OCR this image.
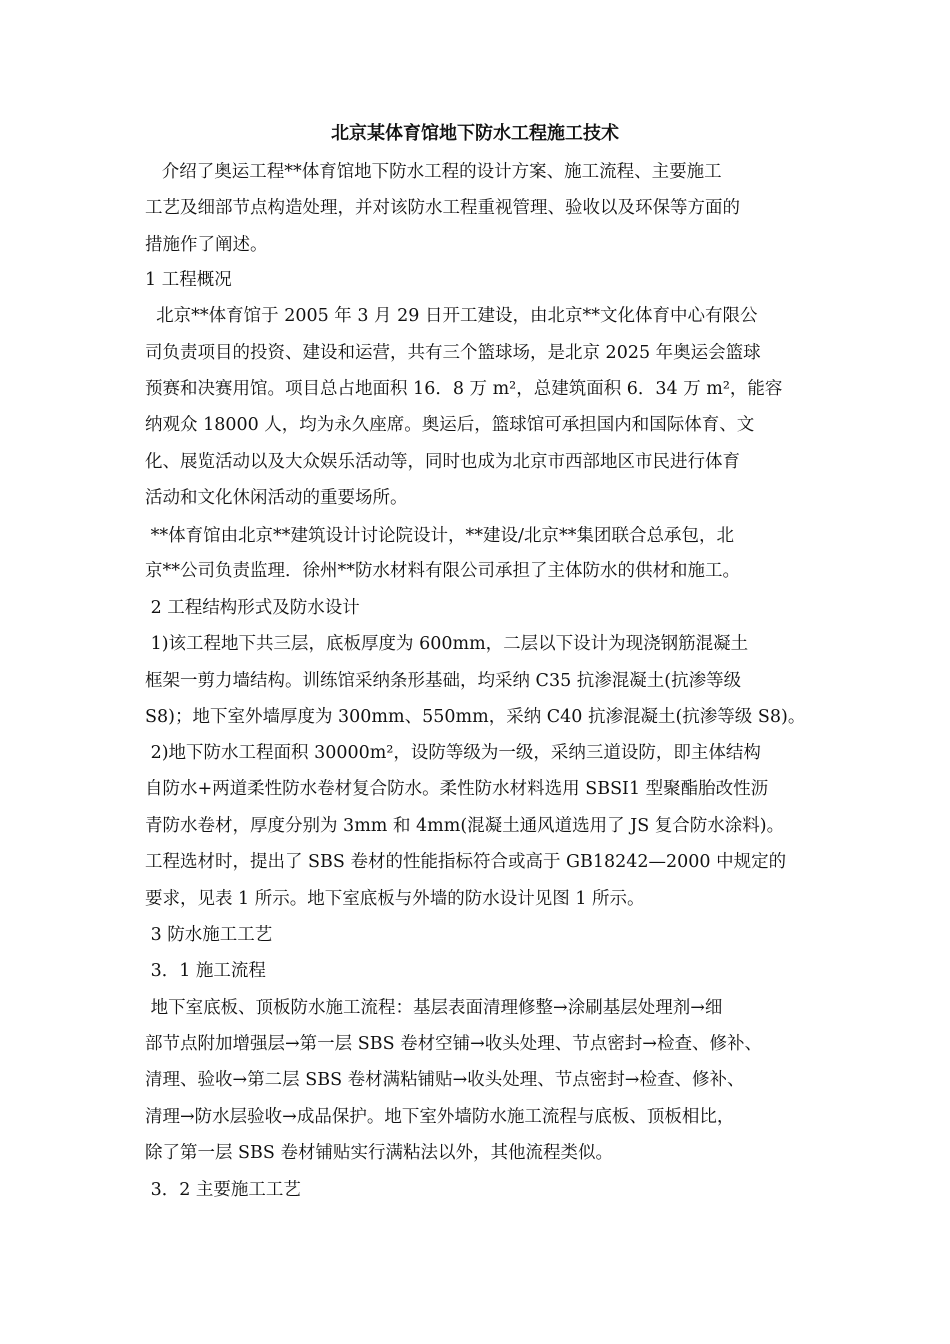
北京某体育馆地下防水工程施工技术
介绍了奥运工程**体育馆地下防水工程的设计方案、施工流程、主要施工
工艺及细部节点构造处理，并对该防水工程重视管理、验收以及环保等方面的
措施作了阐述。
1 工程概况
北京**体育馆于 2005 年 3 月 29 日开工建设，由北京**文化体育中心有限公
司负责项目的投资、建设和运营，共有三个篮球场，是北京 2025 年奥运会篮球
预赛和决赛用馆。项目总占地面积 16．8 万 m²，总建筑面积 6．34 万 m²，能容
纳观众 18000 人，均为永久座席。奥运后，篮球馆可承担国内和国际体育、文
化、展览活动以及大众娱乐活动等，同时也成为北京市西部地区市民进行体育
活动和文化休闲活动的重要场所。
**体育馆由北京**建筑设计讨论院设计，**建设/北京**集团联合总承包，北
京**公司负责监理．徐州**防水材料有限公司承担了主体防水的供材和施工。
2 工程结构形式及防水设计
1)该工程地下共三层，底板厚度为 600mm，二层以下设计为现浇钢筋混凝土
框架一剪力墙结构。训练馆采纳条形基础，均采纳 C35 抗渗混凝土(抗渗等级
S8)；地下室外墙厚度为 300mm、550mm，采纳 C40 抗渗混凝土(抗渗等级 S8)。
2)地下防水工程面积 30000m²，设防等级为一级，采纳三道设防，即主体结构
自防水+两道柔性防水卷材复合防水。柔性防水材料选用 SBSI1 型聚酯胎改性沥
青防水卷材，厚度分别为 3mm 和 4mm(混凝土通风道选用了 JS 复合防水涂料)。
工程选材时，提出了 SBS 卷材的性能指标符合或高于 GB18242—2000 中规定的
要求，见表 1 所示。地下室底板与外墙的防水设计见图 1 所示。
3 防水施工工艺
3．1 施工流程
地下室底板、顶板防水施工流程：基层表面清理修整→涂刷基层处理剂→细
部节点附加增强层→第一层 SBS 卷材空铺→收头处理、节点密封→检查、修补、
清理、验收→第二层 SBS 卷材满粘铺贴→收头处理、节点密封→检查、修补、
清理→防水层验收→成品保护。地下室外墙防水施工流程与底板、顶板相比，
除了第一层 SBS 卷材铺贴实行满粘法以外，其他流程类似。
3．2 主要施工工艺
